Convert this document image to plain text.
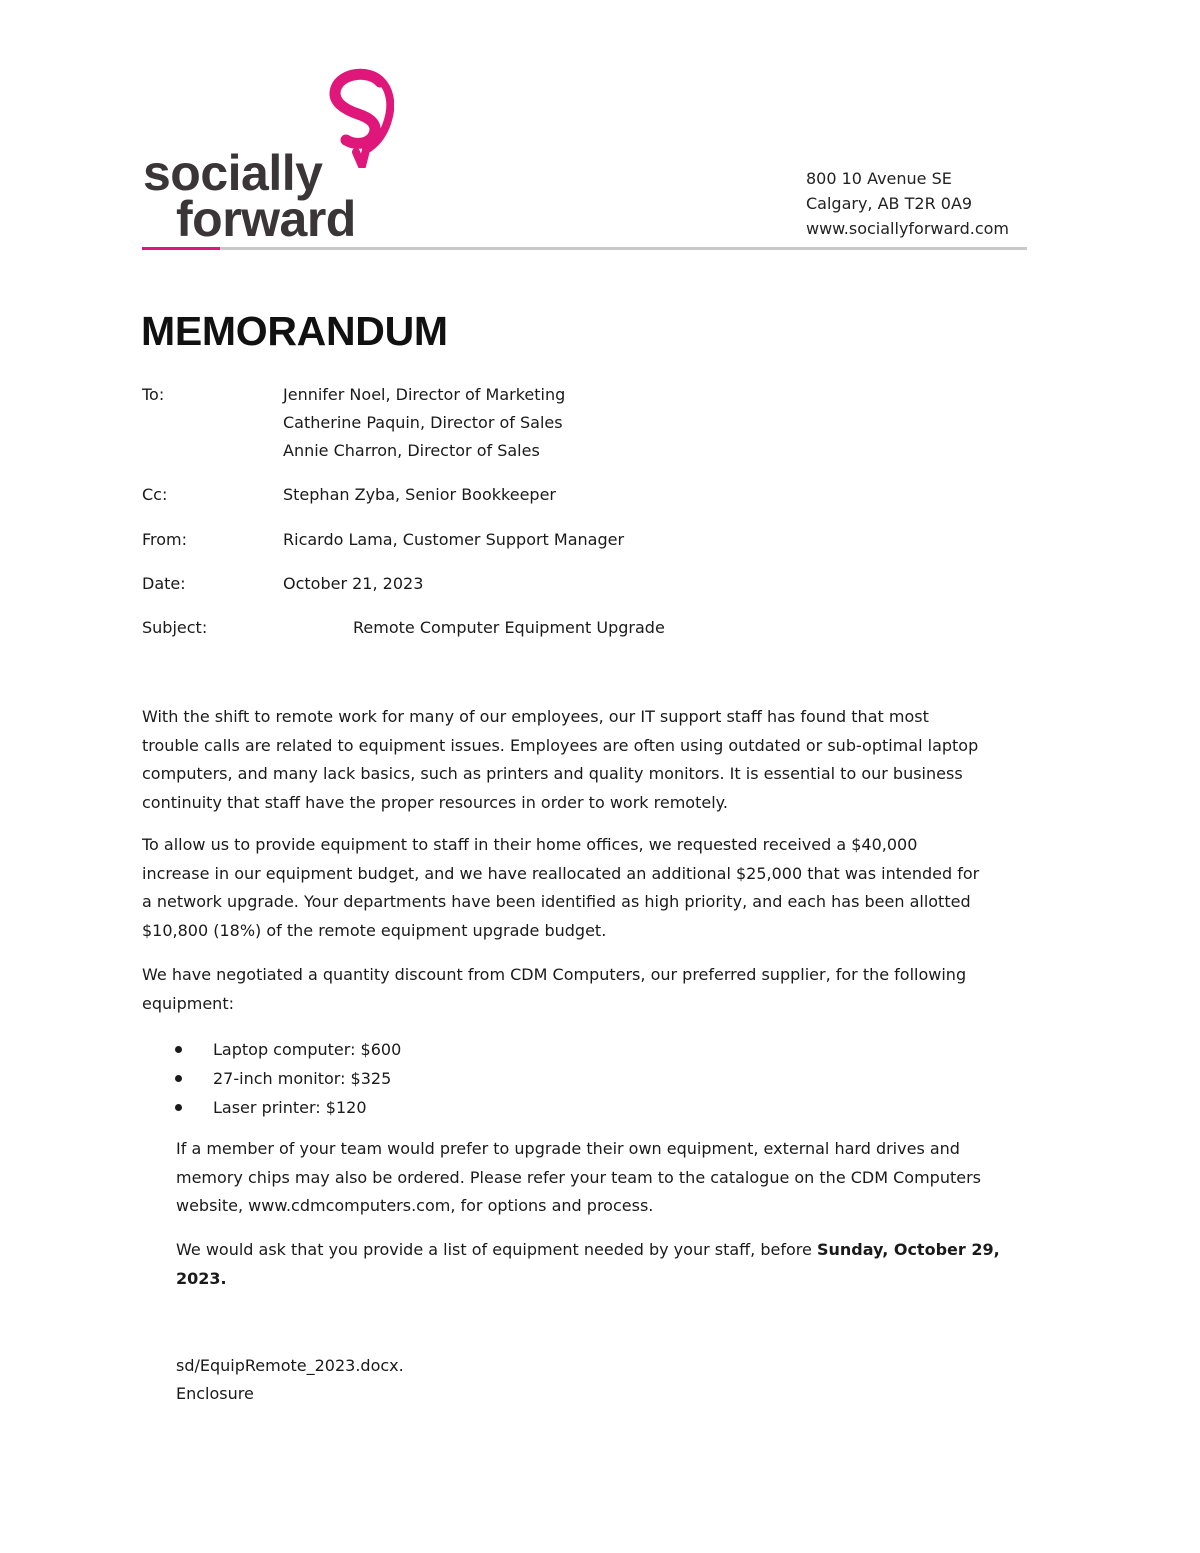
socially
forward
800 10 Avenue SE
Calgary, AB T2R 0A9
www.sociallyforward.com
MEMORANDUM
To:	Jennifer Noel, Director of Marketing
Catherine Paquin, Director of Sales
Annie Charron, Director of Sales
Cc:	Stephan Zyba, Senior Bookkeeper
From:	Ricardo Lama, Customer Support Manager
Date:	October 21, 2023
Subject:	Remote Computer Equipment Upgrade

With the shift to remote work for many of our employees, our IT support staff has found that most

trouble calls are related to equipment issues. Employees are often using outdated or sub-optimal laptop

computers, and many lack basics, such as printers and quality monitors. It is essential to our business

continuity that staff have the proper resources in order to work remotely.

To allow us to provide equipment to staff in their home offices, we requested received a $40,000

increase in our equipment budget, and we have reallocated an additional $25,000 that was intended for

a network upgrade. Your departments have been identified as high priority, and each has been allotted

$10,800 (18%) of the remote equipment upgrade budget.

We have negotiated a quantity discount from CDM Computers, our preferred supplier, for the following

equipment:

Laptop computer: $600
27-inch monitor: $325
Laser printer: $120

If a member of your team would prefer to upgrade their own equipment, external hard drives and

memory chips may also be ordered. Please refer your team to the catalogue on the CDM Computers

website, www.cdmcomputers.com, for options and process.

We would ask that you provide a list of equipment needed by your staff, before Sunday, October 29,

2023.

sd/EquipRemote_2023.docx.
Enclosure
